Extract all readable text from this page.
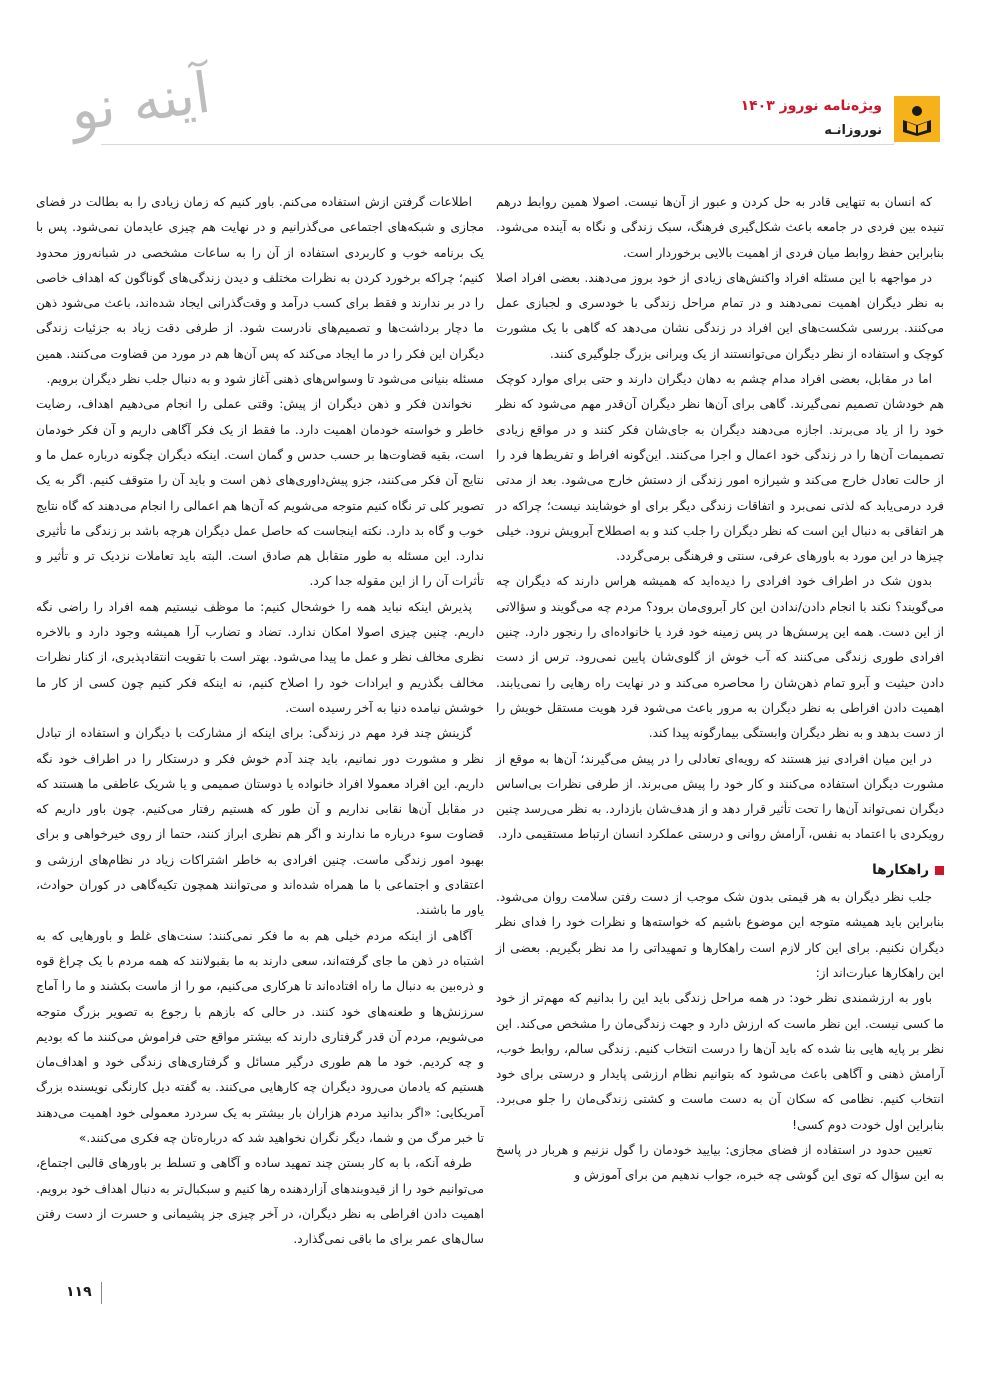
آینه نو	ویژه‌نامه نوروز ۱۴۰۳
نوروزانـه

که انسان به تنهایی قادر به حل کردن و عبور از آن‌ها نیست. اصولا همین روابط درهم تنیده بین فردی در جامعه باعث شکل‌گیری فرهنگ، سبک زندگی و نگاه به آینده می‌شود. بنابراین حفظ روابط میان فردی از اهمیت بالایی برخوردار است.

در مواجهه با این مسئله افراد واکنش‌های زیادی از خود بروز می‌دهند. بعضی افراد اصلا به نظر دیگران اهمیت نمی‌دهند و در تمام مراحل زندگی با خودسری و لجبازی عمل می‌کنند. بررسی شکست‌های این افراد در زندگی نشان می‌دهد که گاهی با یک مشورت کوچک و استفاده از نظر دیگران می‌توانستند از یک ویرانی بزرگ جلوگیری کنند.

اما در مقابل، بعضی افراد مدام چشم به دهان دیگران دارند و حتی برای موارد کوچک هم خودشان تصمیم نمی‌گیرند. گاهی برای آن‌ها نظر دیگران آن‌قدر مهم می‌شود که نظر خود را از یاد می‌برند. اجازه می‌دهند دیگران به جای‌شان فکر کنند و در مواقع زیادی تصمیمات آن‌ها را در زندگی خود اعمال و اجرا می‌کنند. این‌گونه افراط و تفریط‌ها فرد را از حالت تعادل خارج می‌کند و شیرازه امور زندگی از دستش خارج می‌شود. بعد از مدتی فرد درمی‌یابد که لذتی نمی‌برد و اتفاقات زندگی دیگر برای او خوشایند نیست؛ چراکه در هر اتفاقی به دنبال این است که نظر دیگران را جلب کند و به اصطلاح آبرویش نرود. خیلی چیزها در این مورد به باورهای عرفی، سنتی و فرهنگی برمی‌گردد.

بدون شک در اطراف خود افرادی را دیده‌اید که همیشه هراس دارند که دیگران چه می‌گویند؟ نکند با انجام دادن/ندادن این کار آبروی‌مان برود؟ مردم چه می‌گویند و سؤالاتی از این دست. همه این پرسش‌ها در پس زمینه خود فرد یا خانواده‌ای را رنجور دارد. چنین افرادی طوری زندگی می‌کنند که آب خوش از گلوی‌شان پایین نمی‌رود. ترس از دست دادن حیثیت و آبرو تمام ذهن‌شان را محاصره می‌کند و در نهایت راه رهایی را نمی‌یابند. اهمیت دادن افراطی به نظر دیگران به مرور باعث می‌شود فرد هویت مستقل خویش را از دست بدهد و به نظر دیگران وابستگی بیمارگونه پیدا کند.

در این میان افرادی نیز هستند که رویه‌ای تعادلی را در پیش می‌گیرند؛ آن‌ها به موقع از مشورت دیگران استفاده می‌کنند و کار خود را پیش می‌برند. از طرفی نظرات بی‌اساس دیگران نمی‌تواند آن‌ها را تحت تأثیر قرار دهد و از هدف‌شان بازدارد. به نظر می‌رسد چنین رویکردی با اعتماد به نفس، آرامش روانی و درستی عملکرد انسان ارتباط مستقیمی دارد.

راهکارها

جلب نظر دیگران به هر قیمتی بدون شک موجب از دست رفتن سلامت روان می‌شود. بنابراین باید همیشه متوجه این موضوع باشیم که خواسته‌ها و نظرات خود را فدای نظر دیگران نکنیم. برای این کار لازم است راهکارها و تمهیداتی را مد نظر بگیریم. بعضی از این راهکارها عبارت‌اند از:

باور به ارزشمندی نظر خود: در همه مراحل زندگی باید این را بدانیم که مهم‌تر از خود ما کسی نیست. این نظر ماست که ارزش دارد و جهت زندگی‌مان را مشخص می‌کند. این نظر بر پایه هایی بنا شده که باید آن‌ها را درست انتخاب کنیم. زندگی سالم، روابط خوب، آرامش ذهنی و آگاهی باعث می‌شود که بتوانیم نظام ارزشی پایدار و درستی برای خود انتخاب کنیم. نظامی که سکان آن به دست ماست و کشتی زندگی‌مان را جلو می‌برد. بنابراین اول خودت دوم کسی!

تعیین حدود در استفاده از فضای مجازی: بیایید خودمان را گول نزنیم و هربار در پاسخ به این سؤال که توی این گوشی چه خبره، جواب ندهیم من برای آموزش و

اطلاعات گرفتن ازش استفاده می‌کنم. باور کنیم که زمان زیادی را به بطالت در فضای مجازی و شبکه‌های اجتماعی می‌گذرانیم و در نهایت هم چیزی عایدمان نمی‌شود. پس با یک برنامه خوب و کاربردی استفاده از آن را به ساعات مشخصی در شبانه‌روز محدود کنیم؛ چراکه برخورد کردن به نظرات مختلف و دیدن زندگی‌های گوناگون که اهداف خاصی را در بر ندارند و فقط برای کسب درآمد و وقت‌گذرانی ایجاد شده‌اند، باعث می‌شود ذهن ما دچار برداشت‌ها و تصمیم‌های نادرست شود. از طرفی دقت زیاد به جزئیات زندگی دیگران این فکر را در ما ایجاد می‌کند که پس آن‌ها هم در مورد من قضاوت می‌کنند. همین مسئله بنیانی می‌شود تا وسواس‌های ذهنی آغاز شود و به دنبال جلب نظر دیگران برویم.

نخواندن فکر و ذهن دیگران از پیش: وقتی عملی را انجام می‌دهیم اهداف، رضایت خاطر و خواسته خودمان اهمیت دارد. ما فقط از یک فکر آگاهی داریم و آن فکر خودمان است، بقیه قضاوت‌ها بر حسب حدس و گمان است. اینکه دیگران چگونه درباره عمل ما و نتایج آن فکر می‌کنند، جزو پیش‌داوری‌های ذهن است و باید آن را متوقف کنیم. اگر به یک تصویر کلی تر نگاه کنیم متوجه می‌شویم که آن‌ها هم اعمالی را انجام می‌دهند که گاه نتایج خوب و گاه بد دارد. نکته اینجاست که حاصل عمل دیگران هرچه باشد بر زندگی ما تأثیری ندارد. این مسئله به طور متقابل هم صادق است. البته باید تعاملات نزدیک تر و تأثیر و تأثرات آن را از این مقوله جدا کرد.

پذیرش اینکه نباید همه را خوشحال کنیم: ما موظف نیستیم همه افراد را راضی نگه داریم. چنین چیزی اصولا امکان ندارد. تضاد و تضارب آرا همیشه وجود دارد و بالاخره نظری مخالف نظر و عمل ما پیدا می‌شود. بهتر است با تقویت انتقادپذیری، از کنار نظرات مخالف بگذریم و ایرادات خود را اصلاح کنیم، نه اینکه فکر کنیم چون کسی از کار ما خوشش نیامده دنیا به آخر رسیده است.

گزینش چند فرد مهم در زندگی: برای اینکه از مشارکت با دیگران و استفاده از تبادل نظر و مشورت دور نمانیم، باید چند آدم خوش فکر و درستکار را در اطراف خود نگه داریم. این افراد معمولا افراد خانواده یا دوستان صمیمی و یا شریک عاطفی ما هستند که در مقابل آن‌ها نقابی نداریم و آن طور که هستیم رفتار می‌کنیم. چون باور داریم که قضاوت سوء درباره ما ندارند و اگر هم نظری ابراز کنند، حتما از روی خیرخواهی و برای بهبود امور زندگی ماست. چنین افرادی به خاطر اشتراکات زیاد در نظام‌های ارزشی و اعتقادی و اجتماعی با ما همراه شده‌اند و می‌توانند همچون تکیه‌گاهی در کوران حوادث، یاور ما باشند.

آگاهی از اینکه مردم خیلی هم به ما فکر نمی‌کنند: سنت‌های غلط و باورهایی که به اشتباه در ذهن ما جای گرفته‌اند، سعی دارند به ما بقبولانند که همه مردم با یک چراغ قوه و ذره‌بین به دنبال ما راه افتاده‌اند تا هرکاری می‌کنیم، مو را از ماست بکشند و ما را آماج سرزنش‌ها و طعنه‌های خود کنند. در حالی که بازهم با رجوع به تصویر بزرگ متوجه می‌شویم، مردم آن قدر گرفتاری دارند که بیشتر مواقع حتی فراموش می‌کنند ما که بودیم و چه کردیم. خود ما هم طوری درگیر مسائل و گرفتاری‌های زندگی خود و اهداف‌مان هستیم که یادمان می‌رود دیگران چه کارهایی می‌کنند. به گفته دیل کارنگی نویسنده بزرگ آمریکایی: «اگر بدانید مردم هزاران بار بیشتر به یک سردرد معمولی خود اهمیت می‌دهند تا خبر مرگ من و شما، دیگر نگران نخواهید شد که درباره‌تان چه فکری می‌کنند.»

طرفه آنکه، با به کار بستن چند تمهید ساده و آگاهی و تسلط بر باورهای قالبی اجتماع، می‌توانیم خود را از قیدوبندهای آزاردهنده رها کنیم و سبکبال‌تر به دنبال اهداف خود برویم. اهمیت دادن افراطی به نظر دیگران، در آخر چیزی جز پشیمانی و حسرت از دست رفتن سال‌های عمر برای ما باقی نمی‌گذارد.

۱۱۹
